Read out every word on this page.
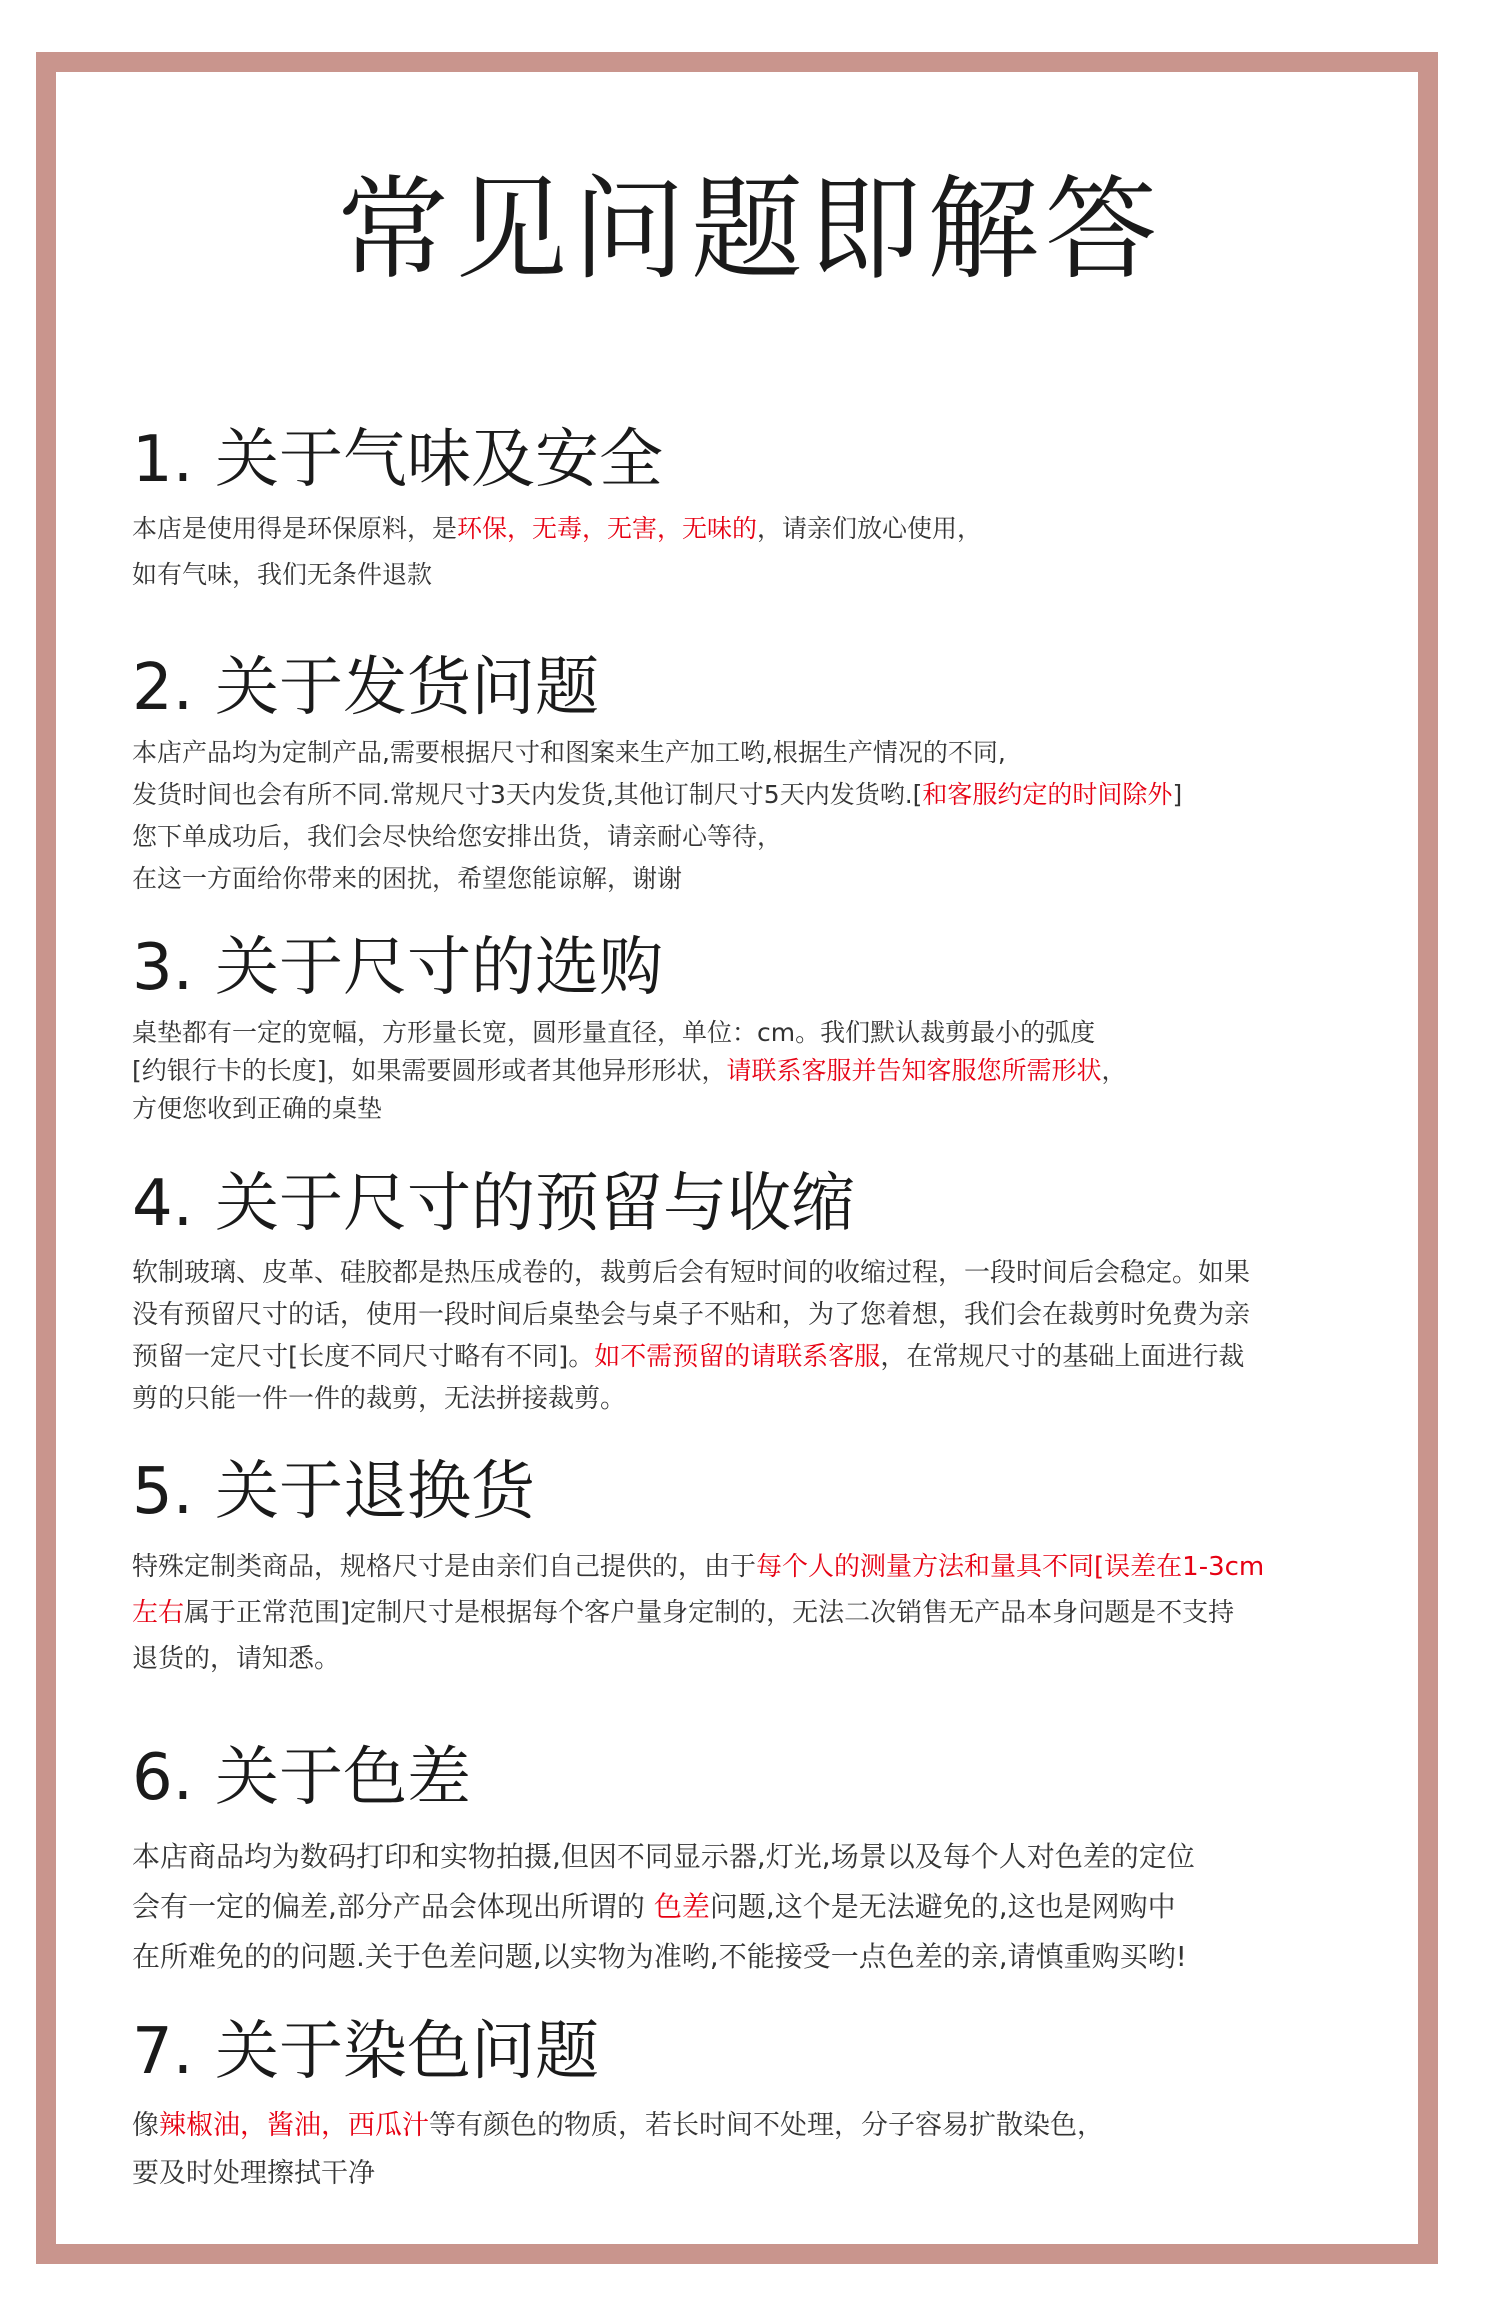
常见问题即解答
1. 关于气味及安全

本店是使用得是环保原料，是环保，无毒，无害，无味的，请亲们放心使用，

如有气味，我们无条件退款

2. 关于发货问题

本店产品均为定制产品,需要根据尺寸和图案来生产加工哟,根据生产情况的不同,

发货时间也会有所不同.常规尺寸3天内发货,其他订制尺寸5天内发货哟.[和客服约定的时间除外]

您下单成功后，我们会尽快给您安排出货，请亲耐心等待，

在这一方面给你带来的困扰，希望您能谅解，谢谢

3. 关于尺寸的选购

桌垫都有一定的宽幅，方形量长宽，圆形量直径，单位：cm。我们默认裁剪最小的弧度

[约银行卡的长度]，如果需要圆形或者其他异形形状，请联系客服并告知客服您所需形状，

方便您收到正确的桌垫

4. 关于尺寸的预留与收缩

软制玻璃、皮革、硅胶都是热压成卷的，裁剪后会有短时间的收缩过程，一段时间后会稳定。如果

没有预留尺寸的话，使用一段时间后桌垫会与桌子不贴和，为了您着想，我们会在裁剪时免费为亲

预留一定尺寸[长度不同尺寸略有不同]。如不需预留的请联系客服，在常规尺寸的基础上面进行裁

剪的只能一件一件的裁剪，无法拼接裁剪。

5. 关于退换货

特殊定制类商品，规格尺寸是由亲们自己提供的，由于每个人的测量方法和量具不同[误差在1-3cm

左右属于正常范围]定制尺寸是根据每个客户量身定制的，无法二次销售无产品本身问题是不支持

退货的，请知悉。

6. 关于色差

本店商品均为数码打印和实物拍摄,但因不同显示器,灯光,场景以及每个人对色差的定位

会有一定的偏差,部分产品会体现出所谓的 色差问题,这个是无法避免的,这也是网购中

在所难免的的问题.关于色差问题,以实物为准哟,不能接受一点色差的亲,请慎重购买哟!

7. 关于染色问题

像辣椒油，酱油，西瓜汁等有颜色的物质，若长时间不处理，分子容易扩散染色，

要及时处理擦拭干净
